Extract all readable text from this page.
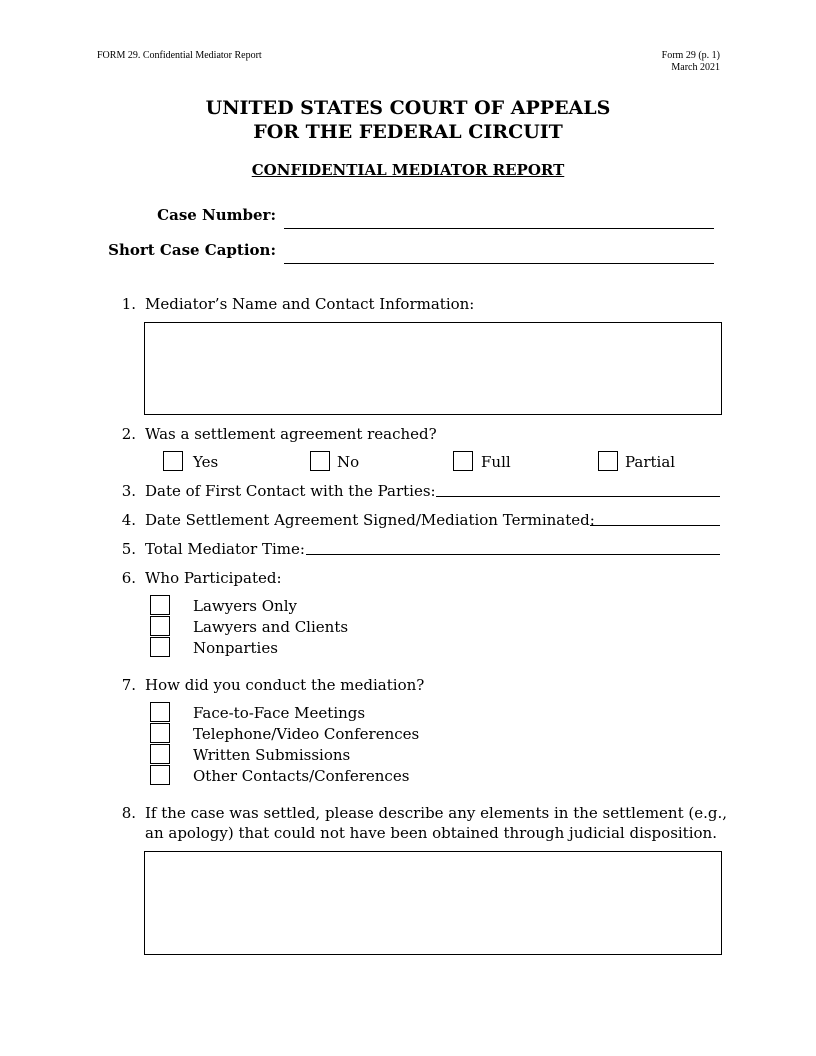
FORM 29. Confidential Mediator Report	Form 29 (p. 1)
March 2021
UNITED STATES COURT OF APPEALS
FOR THE FEDERAL CIRCUIT
CONFIDENTIAL MEDIATOR REPORT
Case Number:
Short Case Caption:
1. Mediator’s Name and Contact Information:
2. Was a settlement agreement reached?
Yes	No	Full	Partial
3. Date of First Contact with the Parties:
4. Date Settlement Agreement Signed/Mediation Terminated:
5. Total Mediator Time:
6. Who Participated:
Lawyers Only
Lawyers and Clients
Nonparties
7. How did you conduct the mediation?
Face-to-Face Meetings
Telephone/Video Conferences
Written Submissions
Other Contacts/Conferences
8. If the case was settled, please describe any elements in the settlement (e.g.,
an apology) that could not have been obtained through judicial disposition.
